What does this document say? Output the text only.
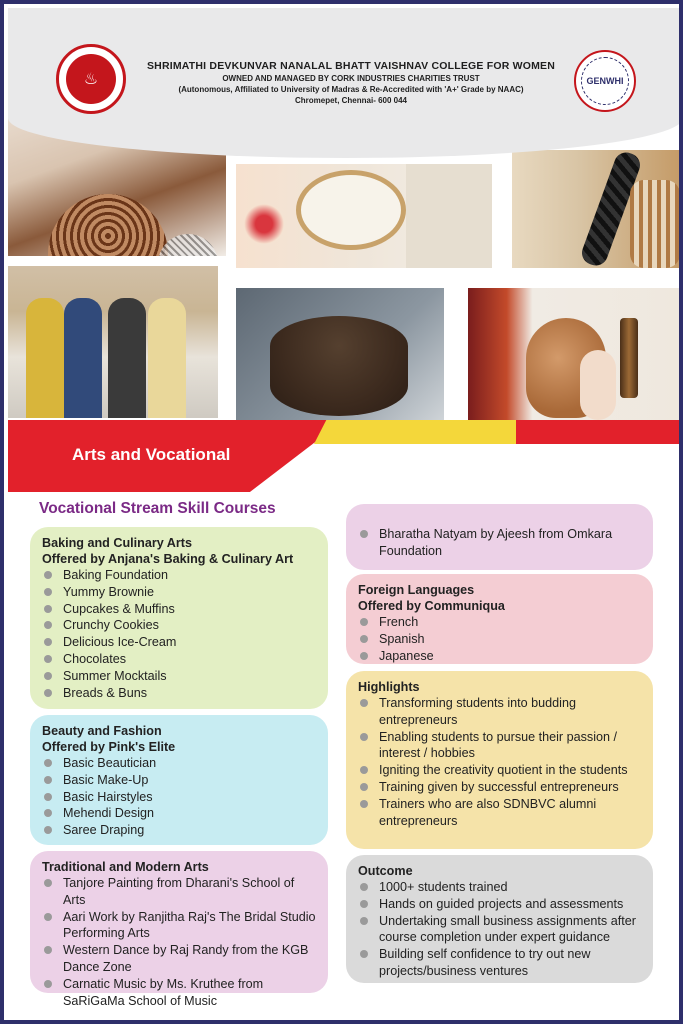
♨
SHRIMATHI DEVKUNVAR NANALAL BHATT VAISHNAV COLLEGE FOR WOMEN
OWNED AND MANAGED BY CORK INDUSTRIES CHARITIES TRUST
(Autonomous, Affiliated to University of Madras & Re-Accredited with 'A+' Grade by NAAC)
Chromepet, Chennai- 600 044
GENWHI
Arts and Vocational
Vocational Stream Skill Courses
Baking and Culinary Arts
Offered by Anjana's Baking & Culinary Art
Baking Foundation
Yummy Brownie
Cupcakes & Muffins
Crunchy Cookies
Delicious Ice-Cream
Chocolates
Summer Mocktails
Breads & Buns
Beauty and Fashion
Offered by Pink's Elite
Basic Beautician
Basic Make-Up
Basic Hairstyles
Mehendi Design
Saree Draping
Traditional and Modern Arts
Tanjore Painting from Dharani's School of Arts
Aari Work by Ranjitha Raj's The Bridal Studio Performing Arts
Western Dance by Raj Randy from the KGB Dance Zone
Carnatic Music by Ms. Kruthee from SaRiGaMa School of Music
Bharatha Natyam by Ajeesh from Omkara Foundation
Foreign Languages
Offered by Communiqua
French
Spanish
Japanese
Highlights
Transforming students into budding entrepreneurs
Enabling students to pursue their passion / interest / hobbies
Igniting the creativity quotient in the students
Training given by successful entrepreneurs
Trainers who are also SDNBVC alumni entrepreneurs
Outcome
1000+ students trained
Hands on guided projects and assessments
Undertaking small business assignments after course completion under expert guidance
Building self confidence to try out new projects/business ventures
